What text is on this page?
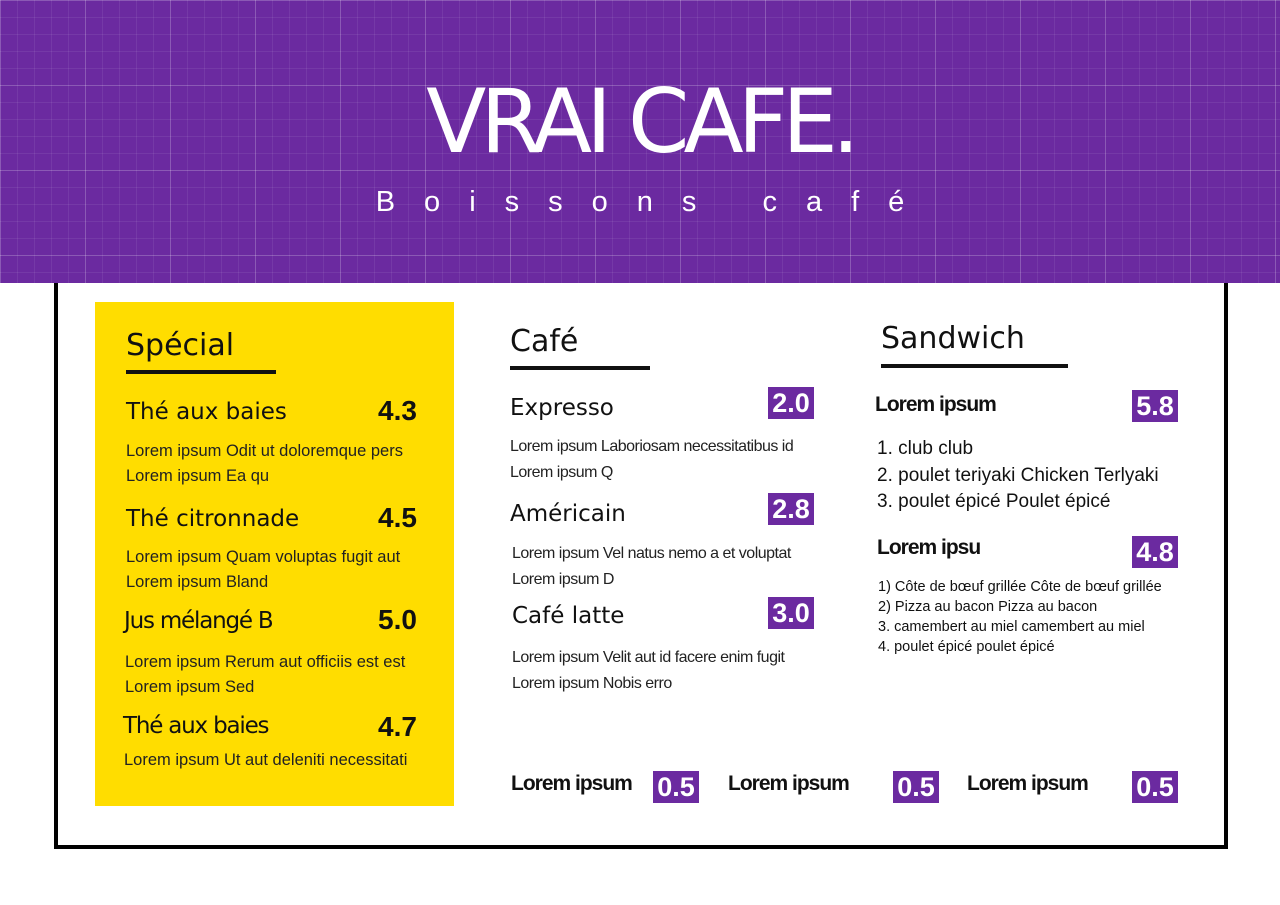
VRAI CAFE.
Boissons café
Spécial
Thé aux baies	4.3
Lorem ipsum Odit ut doloremque pers
Lorem ipsum Ea qu
Thé citronnade	4.5
Lorem ipsum Quam voluptas fugit aut
Lorem ipsum Bland
Jus mélangé B	5.0
Lorem ipsum Rerum aut officiis est est
Lorem ipsum Sed
Thé aux baies	4.7
Lorem ipsum Ut aut deleniti necessitati
Café
Expresso	2.0
Lorem ipsum Laboriosam necessitatibus id
Lorem ipsum Q
Américain	2.8
Lorem ipsum Vel natus nemo a et voluptat
Lorem ipsum D
Café latte	3.0
Lorem ipsum Velit aut id facere enim fugit
Lorem ipsum Nobis erro
Sandwich
Lorem ipsum	5.8
1. club club
2. poulet teriyaki Chicken Terlyaki
3. poulet épicé Poulet épicé
Lorem ipsu	4.8
1) Côte de bœuf grillée Côte de bœuf grillée
2) Pizza au bacon Pizza au bacon
3. camembert au miel camembert au miel
4. poulet épicé poulet épicé
Lorem ipsum 0.5 Lorem ipsum 0.5 Lorem ipsum 0.5
